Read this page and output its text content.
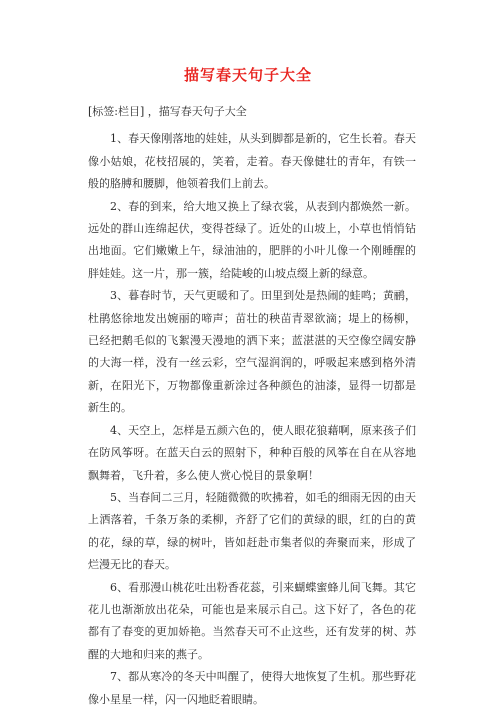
描写春天句子大全

[标签:栏目] ，描写春天句子大全

1、春天像刚落地的娃娃，从头到脚都是新的，它生长着。春天像小姑娘，花枝招展的，笑着，走着。春天像健壮的青年，有铁一般的胳膊和腰脚，他领着我们上前去。

2、春的到来，给大地又换上了绿衣裳，从表到内都焕然一新。远处的群山连绵起伏，变得苍绿了。近处的山坡上，小草也悄悄钻出地面。它们嫩嫩上午，绿油油的，肥胖的小叶儿像一个刚睡醒的胖娃娃。这一片，那一簇，给陡峻的山坡点缀上新的绿意。

3、暮春时节，天气更暖和了。田里到处是热闹的蛙鸣；黄鹂，杜鹃悠徐地发出婉丽的啼声；苗壮的秧苗青翠欲滴；堤上的杨柳，已经把鹅毛似的飞絮漫天漫地的洒下来；蓝湛湛的天空像空阔安静的大海一样，没有一丝云彩，空气湿润润的，呼吸起来感到格外清新，在阳光下，万物都像重新涂过各种颜色的油漆，显得一切都是新生的。

4、天空上，怎样是五颜六色的，使人眼花狼藉啊，原来孩子们在防风筝呀。在蓝天白云的照射下，种种百般的风筝在自在从容地飘舞着，飞升着，多么使人赏心悦目的景象啊！

5、当春间二三月，轻随微微的吹拂着，如毛的细雨无因的由天上洒落着，千条万条的柔柳，齐舒了它们的黄绿的眼，红的白的黄的花，绿的草，绿的树叶，皆如赶赴市集者似的奔聚而来，形成了烂漫无比的春天。

6、看那漫山桃花吐出粉香花蕊，引来蝴蝶蜜蜂儿间飞舞。其它花儿也渐渐放出花朵，可能也是来展示自己。这下好了，各色的花都有了春变的更加娇艳。当然春天可不止这些，还有发芽的树、苏醒的大地和归来的燕子。

7、都从寒冷的冬天中叫醒了，使得大地恢复了生机。那些野花像小星星一样，闪一闪地眨着眼睛。
